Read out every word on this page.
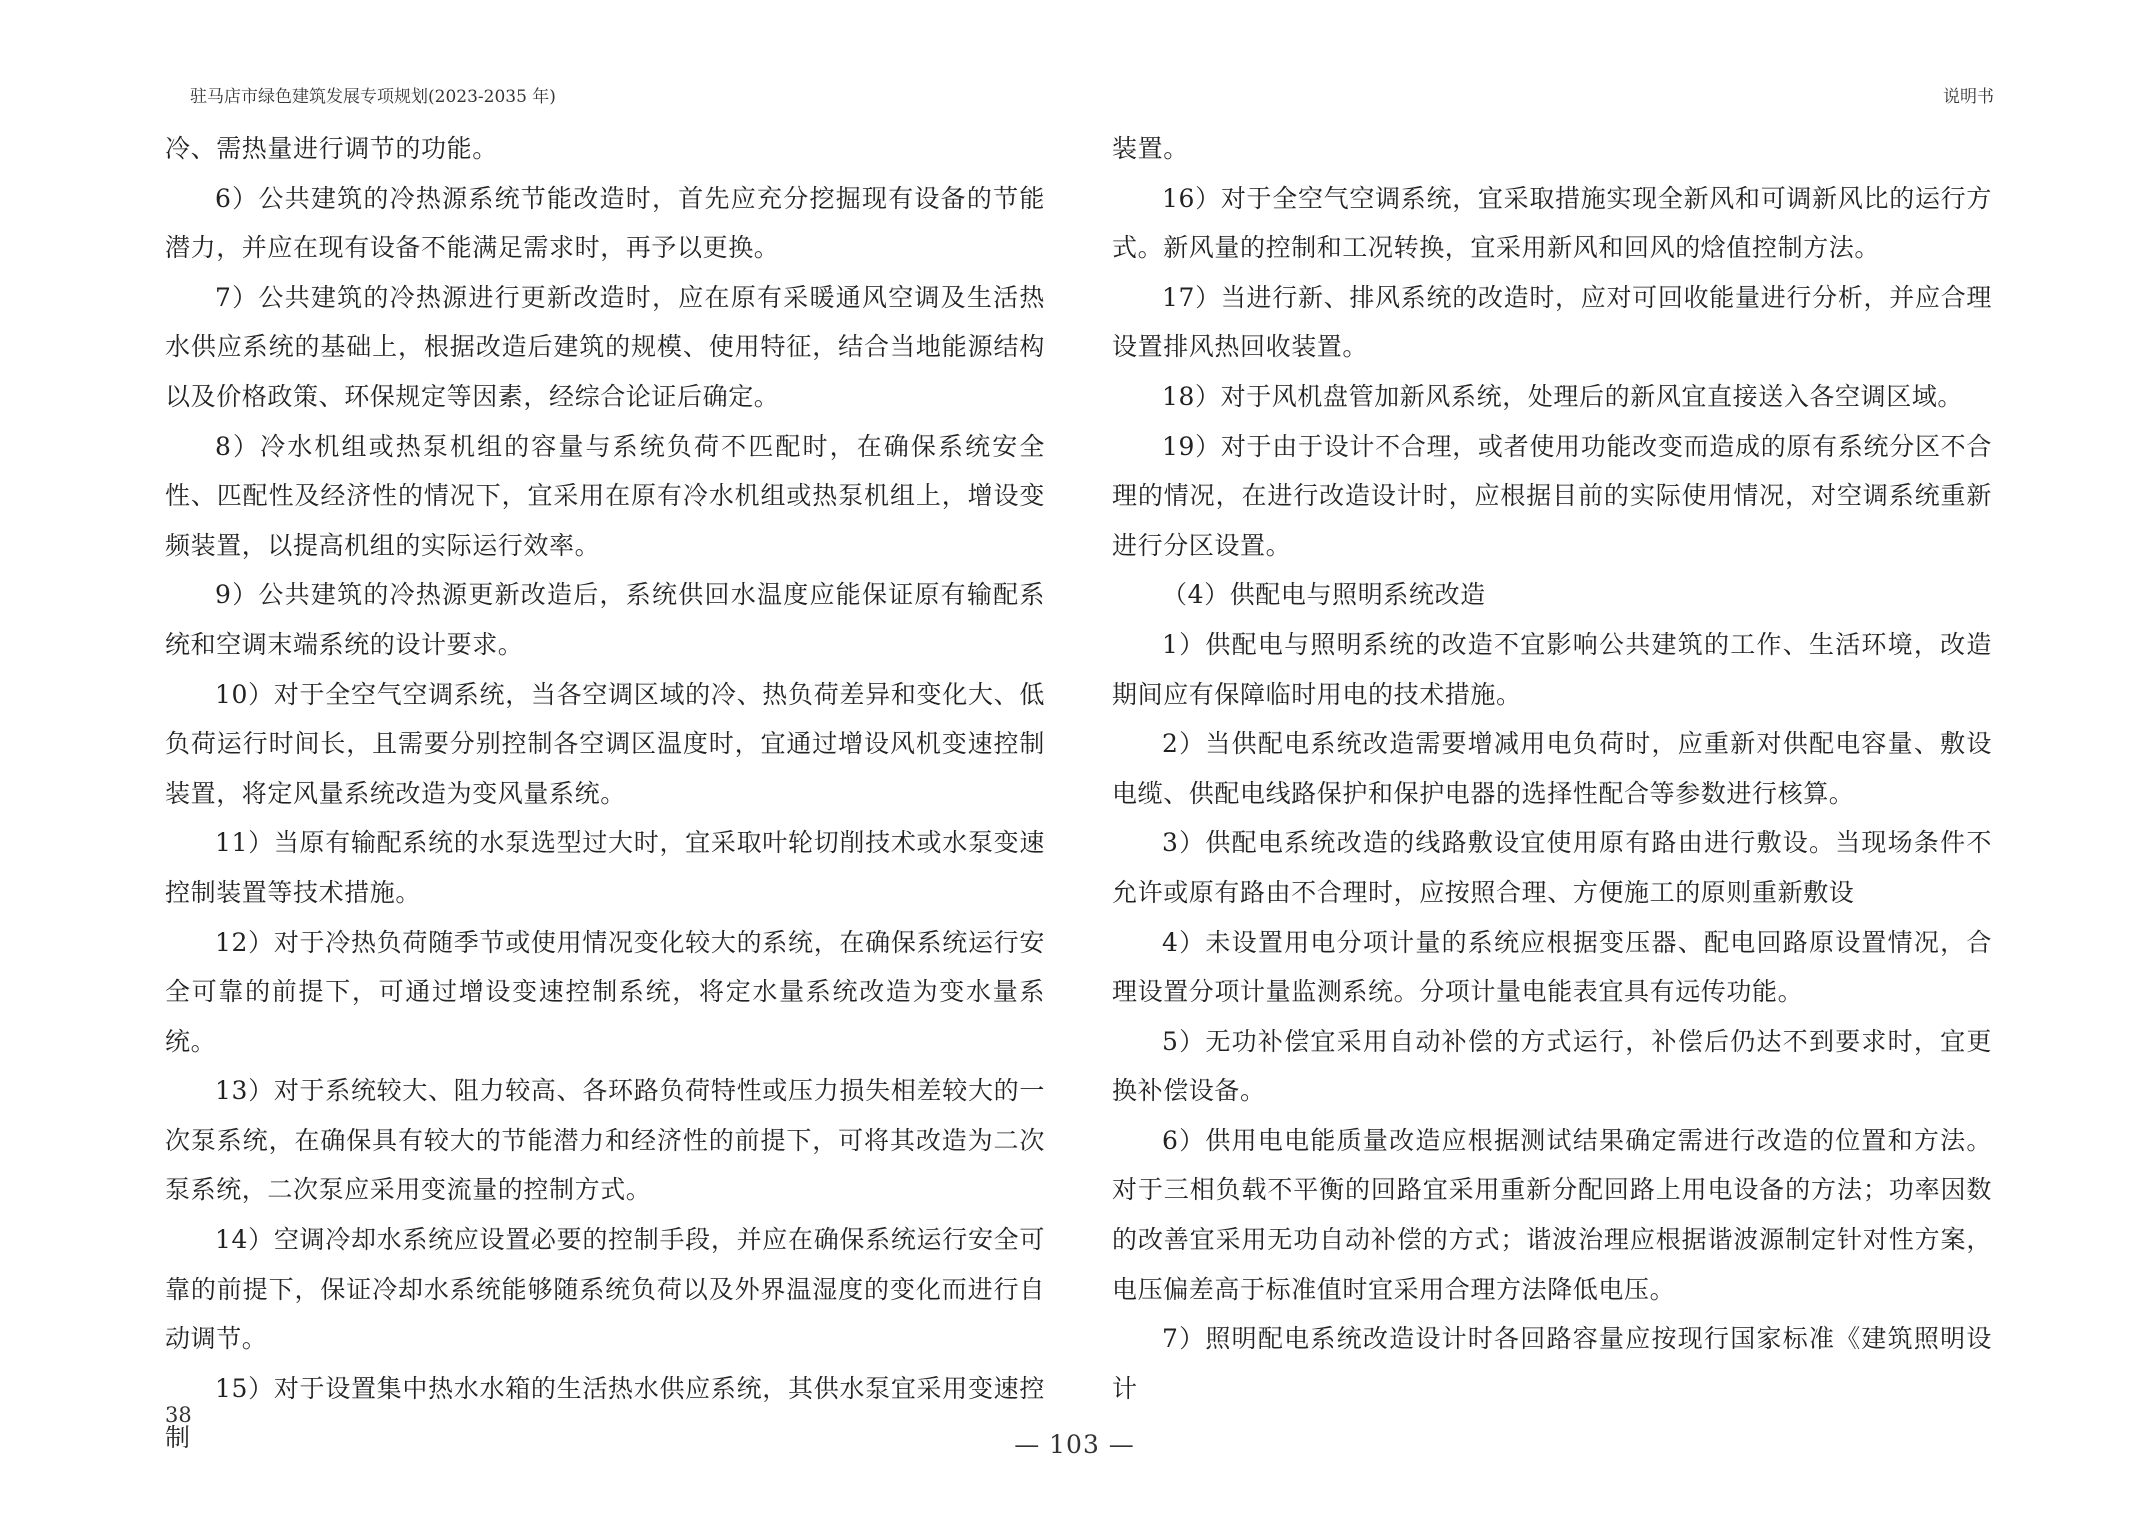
驻马店市绿色建筑发展专项规划(2023-2035 年)	说明书

冷、需热量进行调节的功能。

6）公共建筑的冷热源系统节能改造时，首先应充分挖掘现有设备的节能潜力，并应在现有设备不能满足需求时，再予以更换。

7）公共建筑的冷热源进行更新改造时，应在原有采暖通风空调及生活热水供应系统的基础上，根据改造后建筑的规模、使用特征，结合当地能源结构以及价格政策、环保规定等因素，经综合论证后确定。

8）冷水机组或热泵机组的容量与系统负荷不匹配时，在确保系统安全性、匹配性及经济性的情况下，宜采用在原有冷水机组或热泵机组上，增设变频装置，以提高机组的实际运行效率。

9）公共建筑的冷热源更新改造后，系统供回水温度应能保证原有输配系统和空调末端系统的设计要求。

10）对于全空气空调系统，当各空调区域的冷、热负荷差异和变化大、低负荷运行时间长，且需要分别控制各空调区温度时，宜通过增设风机变速控制装置，将定风量系统改造为变风量系统。

11）当原有输配系统的水泵选型过大时，宜采取叶轮切削技术或水泵变速控制装置等技术措施。

12）对于冷热负荷随季节或使用情况变化较大的系统，在确保系统运行安全可靠的前提下，可通过增设变速控制系统，将定水量系统改造为变水量系统。

13）对于系统较大、阻力较高、各环路负荷特性或压力损失相差较大的一次泵系统，在确保具有较大的节能潜力和经济性的前提下，可将其改造为二次泵系统，二次泵应采用变流量的控制方式。

14）空调冷却水系统应设置必要的控制手段，并应在确保系统运行安全可靠的前提下，保证冷却水系统能够随系统负荷以及外界温湿度的变化而进行自动调节。

15）对于设置集中热水水箱的生活热水供应系统，其供水泵宜采用变速控制

装置。

16）对于全空气空调系统，宜采取措施实现全新风和可调新风比的运行方式。新风量的控制和工况转换，宜采用新风和回风的焓值控制方法。

17）当进行新、排风系统的改造时，应对可回收能量进行分析，并应合理设置排风热回收装置。

18）对于风机盘管加新风系统，处理后的新风宜直接送入各空调区域。

19）对于由于设计不合理，或者使用功能改变而造成的原有系统分区不合理的情况，在进行改造设计时，应根据目前的实际使用情况，对空调系统重新进行分区设置。

（4）供配电与照明系统改造

1）供配电与照明系统的改造不宜影响公共建筑的工作、生活环境，改造期间应有保障临时用电的技术措施。

2）当供配电系统改造需要增减用电负荷时，应重新对供配电容量、敷设电缆、供配电线路保护和保护电器的选择性配合等参数进行核算。

3）供配电系统改造的线路敷设宜使用原有路由进行敷设。当现场条件不允许或原有路由不合理时，应按照合理、方便施工的原则重新敷设

4）未设置用电分项计量的系统应根据变压器、配电回路原设置情况，合理设置分项计量监测系统。分项计量电能表宜具有远传功能。

5）无功补偿宜采用自动补偿的方式运行，补偿后仍达不到要求时，宜更换补偿设备。

6）供用电电能质量改造应根据测试结果确定需进行改造的位置和方法。对于三相负载不平衡的回路宜采用重新分配回路上用电设备的方法；功率因数的改善宜采用无功自动补偿的方式；谐波治理应根据谐波源制定针对性方案，电压偏差高于标准值时宜采用合理方法降低电压。

7）照明配电系统改造设计时各回路容量应按现行国家标准《建筑照明设计

38
— 103 —
